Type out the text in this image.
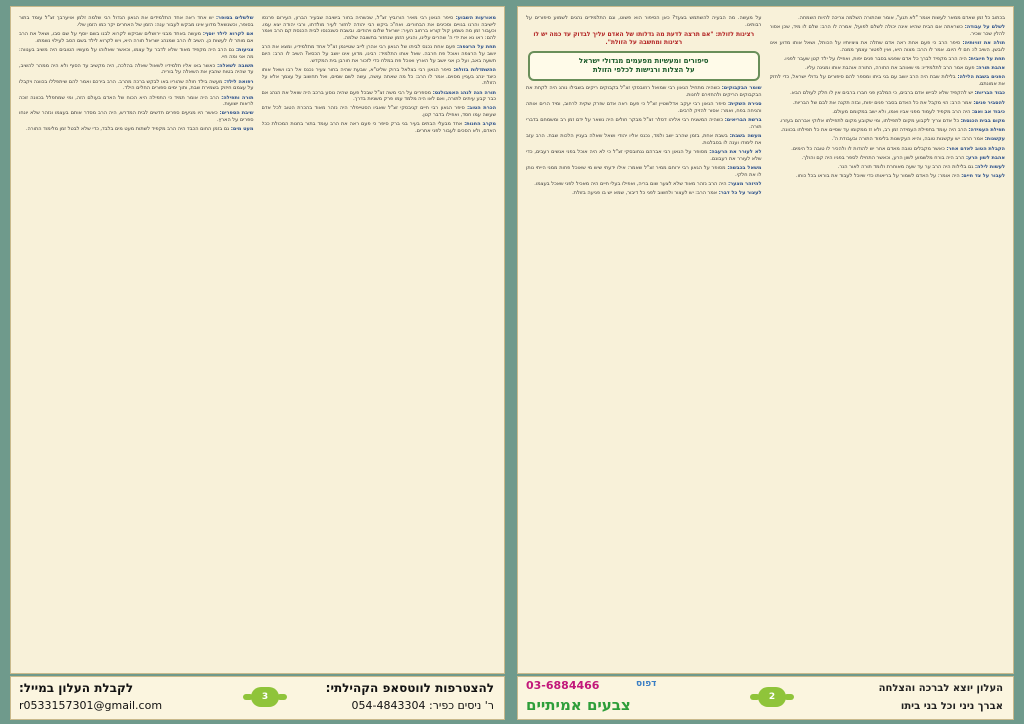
מאורעות השבוע: סיפר הגאון רבי מאיר הורוביץ זצ"ל, שכשהיה בחור בישיבה שבעיר הברון, העירום פרנסו לישיבה והרגו בגויים וסכינים את הבחורים. ואח"כ ביקש רבי יהודה לחזור לעיר מולדתו, ורבי יהודה יצא עמו. וכעבור זמן מה נשמע קול קורא ברחוב העיר: ישראל שלום ויהודים. ובשבת כשנכנסו לבית הכנסת קם הרב ואמר להם: ראו נא את ידי ה' שהרים עלינו, והגיע הזמן שנחזור בתשובה שלמה.

תחת על הרצפה: פעם אחת נכנס לביתו של הגאון רבי אהרן לייב שטיינמן זצ"ל אחד מתלמידיו, ומצא את הרב יושב על הרצפה ואוכל פת חרבה. שאל אותו התלמיד: רבינו, מדוע אינו יושב על הכסא? השיב לו הרב: היום תשעה באב, ועל כן אני יושב על הארץ ואוכל פת במלח כדי לזכור את חורבן בית המקדש.

ההשתדלות בזולת: סיפר הגאון רבי בצלאל ברוק שליט"א, שבעת שהיה בחור צעיר נכנס אל רבו ושאל אותו כיצד ינהג בעניין מסוים. אמר לו הרב: כל מה שאתה עושה, עשה לשם שמים, ואל תחשוב על עצמך אלא על הזולת.

תורה הנה לנהג האמבולנס: מספרים על רבי משה זצ"ל שבכל פעם שהיה נוסע ברכב היה שואל את הנהג אם כבר קבע עיתים לתורה, ואם לאו היה מלמד עמו פרק משניות בדרך.

הכרת הטוב: סיפר הגאון רבי חיים קניבסקי זצ"ל שאביו הסטייפלר היה נזהר מאוד בהכרת הטוב לכל אדם שעשה עמו חסד, ואפילו בדבר קטן.

מקרב החנות: אחד מבעלי הבתים בעיר בני ברק סיפר כי פעם ראה את הרב עומד בתור בחנות המכולת ככל האדם, ולא הסכים לעבור לפני אחרים.

שלשלים בסופר: יש אחד ראה אחד התלמידים את הגאון הגדול רבי שלמה זלמן אויערבך זצ"ל עומד בתור בסופר, וכשנשאל מדוע אינו מבקש לעבור ענה: הזמן של האחרים יקר כמו הזמן שלי.

אם לקרוא לילד יוסף: מעשה באחד מבני ירושלים שביקש לקרוא לבנו בשם יוסף על שם סבו, ושאל את הרב אם מותר לו לעשות כן. השיב לו הרב שמנהג ישראל תורה היא, ויש לקרוא לילד בשם הסב לעילוי נשמתו.

צניעות: גם הרב היה מקפיד מאוד שלא לדבר על עצמו, וכאשר שאלוהו על מעשיו הטובים היה משיב בענווה: מה אני ומה חיי.

תשובה לשאלה: כאשר באו אליו תלמידיו לשאול שאלה בהלכה, היה מקשיב עד הסוף ולא היה ממהר להשיב, עד שהיה בטוח שהבין את השאלה על בוריה.

רפואה לילד: מעשה בילד חולה שהוריו באו לבקש ברכה מהרב. הרב בירכם ואמר להם שיתפללו בכוונה ויקבלו על עצמם חיזוק בשמירת שבת, ותוך ימים ספורים החלים הילד.

תורה ותפילה: הרב היה אומר תמיד כי התפילה היא הכוח של האדם בעולם הזה, ומי שמתפלל בכוונה זוכה לראות ישועות.

שיבת הספרים: כאשר היו מגיעים ספרים חדשים לבית המדרש, היה הרב מסדר אותם בעצמו ונזהר שלא יונחו ספרים על הארץ.

מעט מים: גם בזמן החום הכבד היה הרב מקפיד לשתות מעט מים בלבד, כדי שלא לבטל זמן מלימוד התורה.

בכתוב כל זמן שאדם ממאר לעשות אומר "לא תגע", אומר שהתורה השלמה צריכה להיות השמחה.

לשלם על עבודה: כשראתה אם הבית שהיא אינה יכולה לשלם לפועל, אמרה לו הרב: שלם לו מיד, שכן אסור להלין שכר שכיר.

תולה את זוויותיה: סיפר הרב כי פעם אחת ראה אדם שתלה את ציציותיו על הכותל, ושאל אותו מדוע אינו לובשן. השיב לו: חם לי היום. אמר לו הרב: מצוה היא, ואין לפטור עצמך ממנה.

תחת על חיובית: היה הרב מקפיד לברך כל אדם שפגש בסבר פנים יפות, ואפילו על ילד קטן שעבר לפניו.

אהבת תורה: פעם אמר הרב לתלמידיו: מי שאוהב את התורה, התורה אוהבת אותו ומגינה עליו.

הפנים בשבת הלילה: בלילות שבת היה הרב יושב עם בני ביתו ומספר להם סיפורים על גדולי ישראל, כדי לחזק את אמונתם.

כבוד הבריות: יש להקפיד שלא לבייש אדם ברבים, כי המלבין פני חברו ברבים אין לו חלק לעולם הבא.

להסביר פנים: אמר הרב: הוי מקבל את כל האדם בסבר פנים יפות, ובזה תקנה את לבם של הבריות.

כיבוד אב ואם: היה הרב מקפיד לעמוד מפני אביו ואמו, ולא ישב במקומם מעולם.

מקום בבית הכנסת: כל אדם צריך לקבוע מקום לתפילתו, ומי שקובע מקום לתפילתו אלוקי אברהם בעזרו.

תפילת העמידה: הרב היה עומד בתפילת העמידה זמן רב, ולא זז ממקומו עד שסיים את כל תפילתו בכוונה.

עקשנות: אמר הרב: יש עקשנות טובה, והיא העקשנות בלימוד התורה ובעבודת ה'.

הקבלת הטוב לאדם אחר: כאשר מקבלים טובה מאדם אחר יש להודות לו ולהכיר לו טובה כל הימים.

אהבת לשון הרע: הרב היה בורח מלשמוע לשון הרע, וכאשר התחילו לספר בפניו היה קם והולך.

לעשות לילה: גם בלילות היה הרב ער עד שעה מאוחרת ולומד תורה לאור הנר.

לעבור על צד חיים: היה אומר: על האדם לשמור על בריאותו כדי שיוכל לעבוד את בוראו בכל כוחו.

על מעשה. מה הבעיה להשתמש בצעד? כאן הסיפור הוא פשוט, וגם התלמידים נהנים לשמוע סיפורים על רבותינו.

רצינות לזולת: "אם תרצה לדעת מה גדלותו של האדם עליך לבדוק עד כמה יש לו רצינות ומחשבה על הזולת".
סיפורים ומעשיות מפעמים מגדולי ישראל
על הצלות ורגישות לכלפי הזולת

שומר הבקבוקים: כשהיה מתחיל הגאון רבי שמואל רוזובסקי זצ"ל בקבוקים ריקים בשבילו נוהג היה לקחת את הבקבוקים הריקים ולהחזירם לחנות.

סגירת השקית: סיפר הגאון רבי יעקב אדלשטיין זצ"ל כי פעם ראה אדם שזרק שקית לרחוב, ומיד הרים אותה והניחה בפח, ואמר: אסור להזיק לרבים.

ברשת הבריאים: כשהיה המשגיח רבי אליהו דסלר זצ"ל מבקר חולים היה נשאר על ידם זמן רב ומשמחם בדברי תורה.

מעשה בשבת: בשבת אחת, בזמן שהרב ישב ולמד, נכנס אליו יהודי ושאל שאלה בעניין הלכות שבת. הרב עזב את לימודו וענה לו בסבלנות.

לא לעורר את הרעבה: מסופר על הגאון רבי אברהם גנחובסקי זצ"ל כי לא היה אוכל בפני אנשים רעבים, כדי שלא לעורר את רעבונם.

משאל בכבשה: מסופר על הגאון רבי ירוחם ממיר זצ"ל שאמר: אילו ידעתי שיש מי שאוכל פחות ממני הייתי נותן לו את חלקי.

להיזהר מצער: היה הרב נזהר מאוד שלא לצער שום בריה, ואפילו בעלי חיים היה מאכיל לפני שאכל בעצמו.

לעצור על כל דבר: אמר הרב: יש לעצור ולחשוב לפני כל דיבור, שמא יש בו פגיעה בזולת.

לקבלת העלון במייל:
r0533157301@gmail.com
3
להצטרפות לווטסאפ הקהילתי:
ר' ניסים כפיר: 054-4843304
03-6884466	דפוס
צבעים אמיתיים	2
העלון יוצא לברכה והצלחה
אברך ניני וכל בני ביתו
